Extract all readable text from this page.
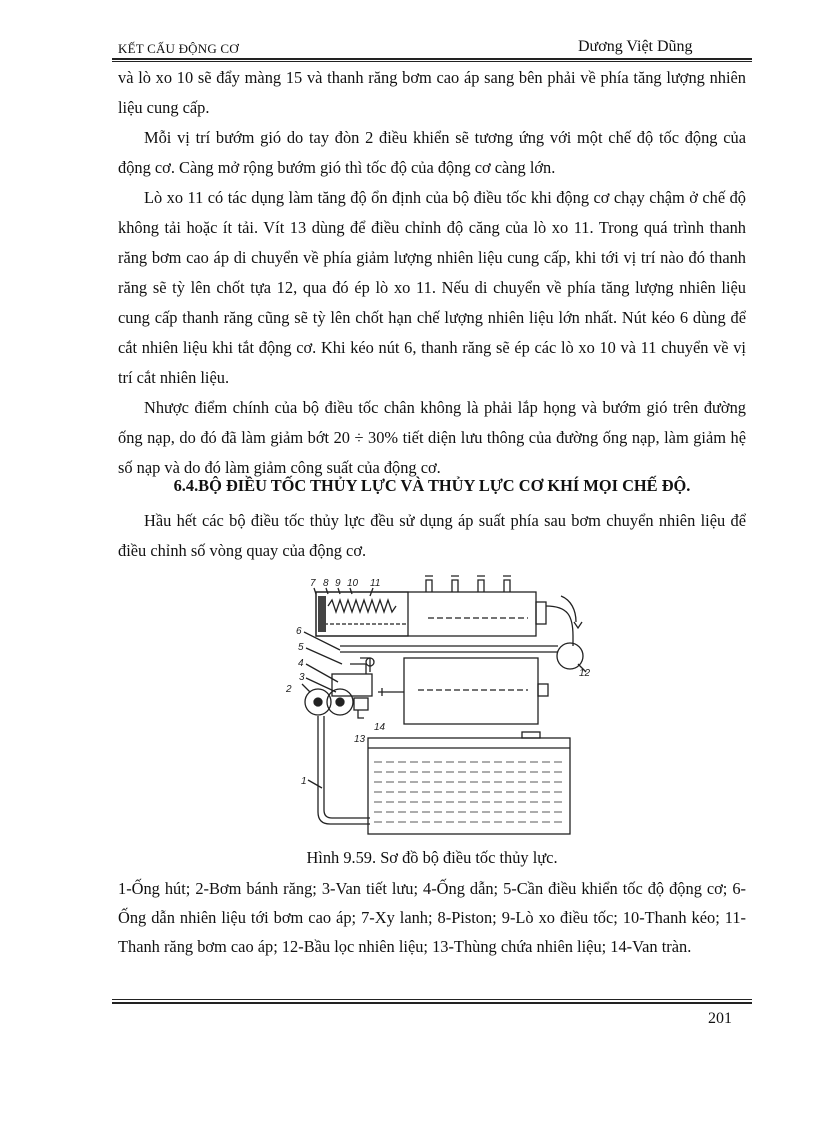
KẾT CẤU ĐỘNG CƠ	Dương Việt Dũng

và lò xo 10 sẽ đẩy màng 15 và thanh răng bơm cao áp sang bên phải về phía tăng lượng nhiên liệu cung cấp.

Mỗi vị trí bướm gió do tay đòn 2 điều khiển sẽ tương ứng với một chế độ tốc động của động cơ. Càng mở rộng bướm gió thì tốc độ của động cơ càng lớn.

Lò xo 11 có tác dụng làm tăng độ ổn định của bộ điều tốc khi động cơ chạy chậm ở chế độ không tải hoặc ít tải. Vít 13 dùng để điều chỉnh độ căng của lò xo 11. Trong quá trình thanh răng bơm cao áp di chuyển về phía giảm lượng nhiên liệu cung cấp, khi tới vị trí nào đó thanh răng sẽ tỳ lên chốt tựa 12, qua đó ép lò xo 11. Nếu di chuyển về phía tăng lượng nhiên liệu cung cấp thanh răng cũng sẽ tỳ lên chốt hạn chế lượng nhiên liệu lớn nhất. Nút kéo 6 dùng để cắt nhiên liệu khi tắt động cơ. Khi kéo nút 6, thanh răng sẽ ép các lò xo 10 và 11 chuyển về vị trí cắt nhiên liệu.

Nhược điểm chính của bộ điều tốc chân không là phải lắp họng và bướm gió trên đường ống nạp, do đó đã làm giảm bớt 20 ÷ 30% tiết diện lưu thông của đường ống nạp, làm giảm hệ số nạp và do đó làm giảm công suất của động cơ.

6.4.BỘ ĐIỀU TỐC THỦY LỰC VÀ THỦY LỰC CƠ KHÍ MỌI CHẾ ĐỘ.

Hầu hết các bộ điều tốc thủy lực đều sử dụng áp suất phía sau bơm chuyển nhiên liệu để điều chỉnh số vòng quay của động cơ.

7 8 9 10 11
6
5
4
3
2
1
12
13
14
Hình 9.59. Sơ đồ bộ điều tốc thủy lực.
1-Ống hút; 2-Bơm bánh răng; 3-Van tiết lưu; 4-Ống dẫn; 5-Cần điều khiển tốc độ động cơ; 6-Ống dẫn nhiên liệu tới bơm cao áp; 7-Xy lanh; 8-Piston; 9-Lò xo điều tốc; 10-Thanh kéo; 11-Thanh răng bơm cao áp; 12-Bầu lọc nhiên liệu; 13-Thùng chứa nhiên liệu; 14-Van tràn.
201
